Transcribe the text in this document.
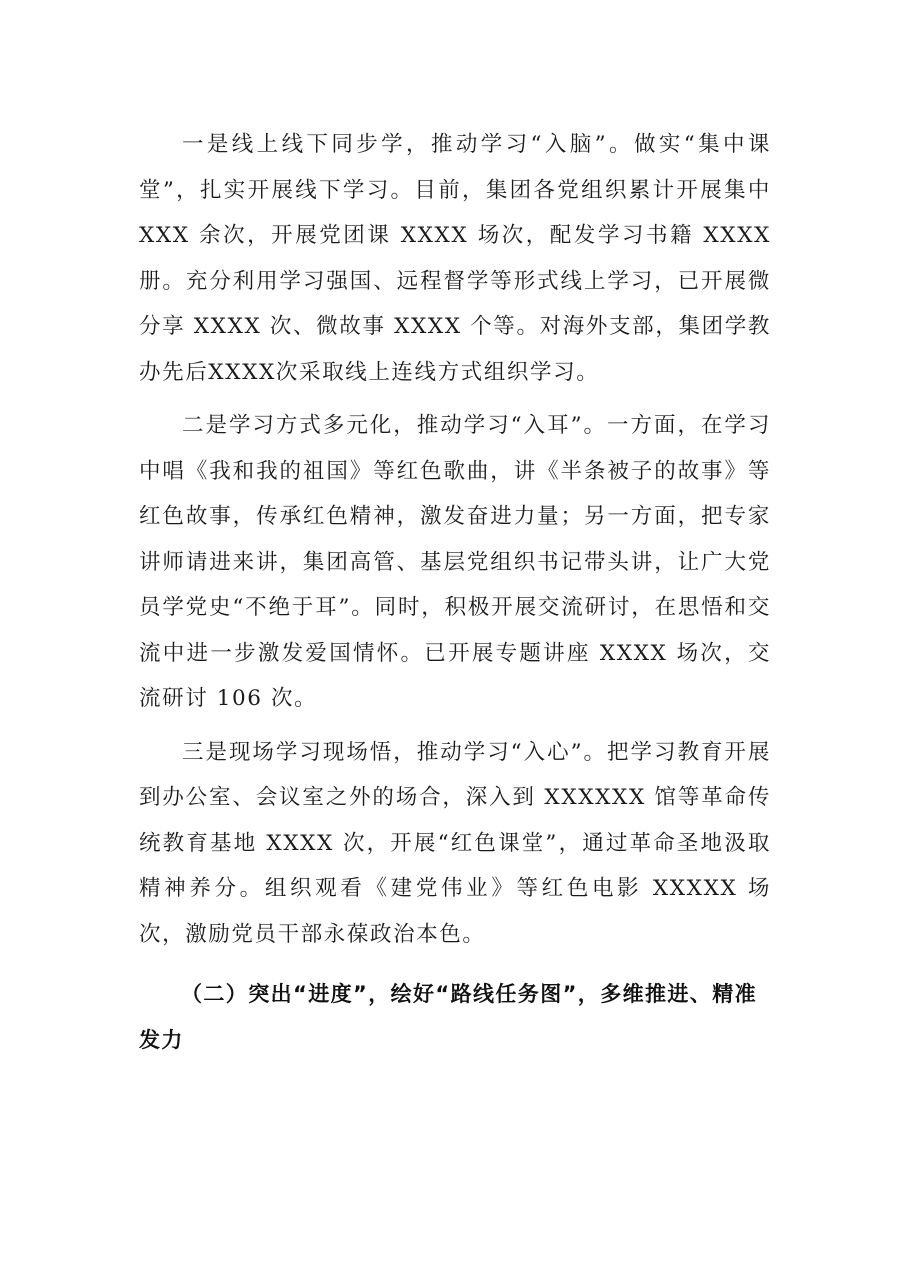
一是线上线下同步学，推动学习“入脑”。做实“集中课堂”，扎实开展线下学习。目前，集团各党组织累计开展集中 XXX 余次，开展党团课 XXXX 场次，配发学习书籍 XXXX 册。充分利用学习强国、远程督学等形式线上学习，已开展微分享 XXXX 次、微故事 XXXX 个等。对海外支部，集团学教办先后XXXX次采取线上连线方式组织学习。

二是学习方式多元化，推动学习“入耳”。一方面，在学习中唱《我和我的祖国》等红色歌曲，讲《半条被子的故事》等红色故事，传承红色精神，激发奋进力量；另一方面，把专家讲师请进来讲，集团高管、基层党组织书记带头讲，让广大党员学党史“不绝于耳”。同时，积极开展交流研讨，在思悟和交流中进一步激发爱国情怀。已开展专题讲座 XXXX 场次，交流研讨 106 次。

三是现场学习现场悟，推动学习“入心”。把学习教育开展到办公室、会议室之外的场合，深入到 XXXXXX 馆等革命传统教育基地 XXXX 次，开展“红色课堂”，通过革命圣地汲取精神养分。组织观看《建党伟业》等红色电影 XXXXX 场次，激励党员干部永葆政治本色。

（二）突出“进度”，绘好“路线任务图”，多维推进、精准发力
